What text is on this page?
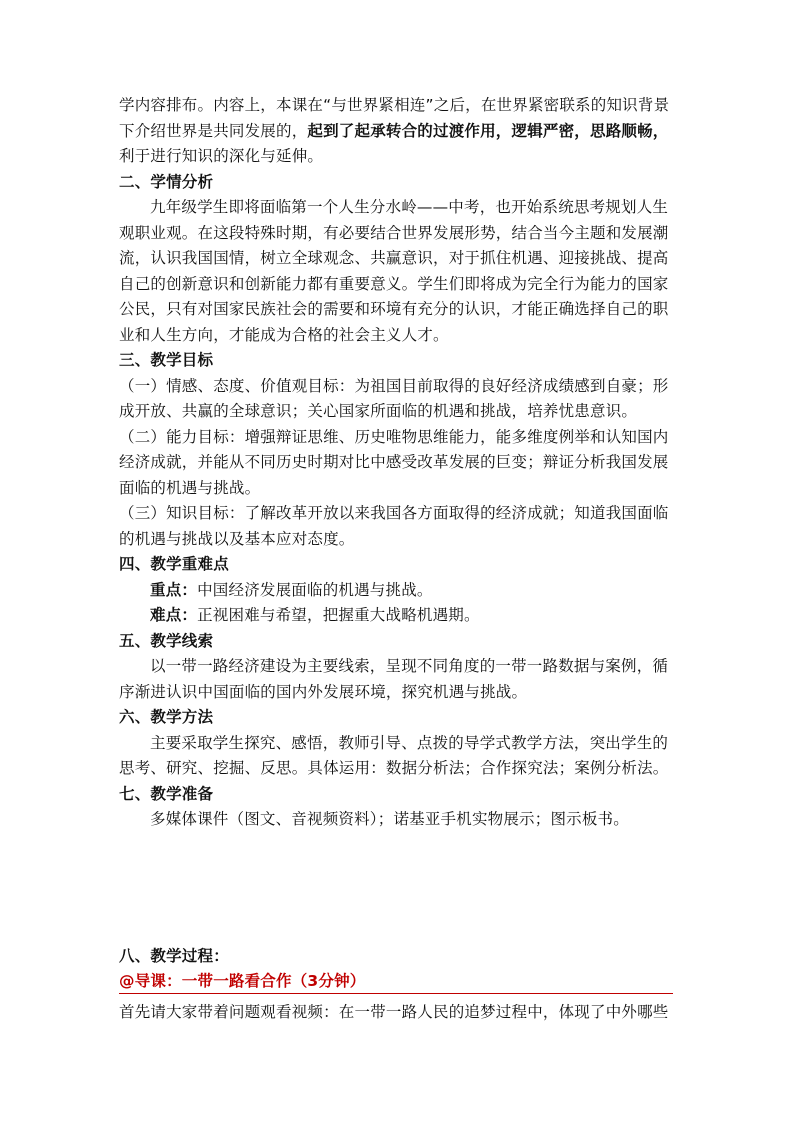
学内容排布。内容上，本课在“与世界紧相连”之后，在世界紧密联系的知识背景下介绍世界是共同发展的，起到了起承转合的过渡作用，逻辑严密，思路顺畅，利于进行知识的深化与延伸。

二、学情分析

九年级学生即将面临第一个人生分水岭——中考，也开始系统思考规划人生观职业观。在这段特殊时期，有必要结合世界发展形势，结合当今主题和发展潮流，认识我国国情，树立全球观念、共赢意识，对于抓住机遇、迎接挑战、提高自己的创新意识和创新能力都有重要意义。学生们即将成为完全行为能力的国家公民，只有对国家民族社会的需要和环境有充分的认识，才能正确选择自己的职业和人生方向，才能成为合格的社会主义人才。

三、教学目标

（一）情感、态度、价值观目标：为祖国目前取得的良好经济成绩感到自豪；形成开放、共赢的全球意识；关心国家所面临的机遇和挑战，培养忧患意识。

（二）能力目标：增强辩证思维、历史唯物思维能力，能多维度例举和认知国内经济成就，并能从不同历史时期对比中感受改革发展的巨变；辩证分析我国发展面临的机遇与挑战。

（三）知识目标：了解改革开放以来我国各方面取得的经济成就；知道我国面临的机遇与挑战以及基本应对态度。

四、教学重难点

重点：中国经济发展面临的机遇与挑战。

难点：正视困难与希望，把握重大战略机遇期。

五、教学线索

以一带一路经济建设为主要线索，呈现不同角度的一带一路数据与案例，循序渐进认识中国面临的国内外发展环境，探究机遇与挑战。

六、教学方法

主要采取学生探究、感悟，教师引导、点拨的导学式教学方法，突出学生的思考、研究、挖掘、反思。具体运用：数据分析法；合作探究法；案例分析法。

七、教学准备

多媒体课件（图文、音视频资料）；诺基亚手机实物展示；图示板书。

八、教学过程：

@导课：一带一路看合作（3分钟）

首先请大家带着问题观看视频：在一带一路人民的追梦过程中，体现了中外哪些
